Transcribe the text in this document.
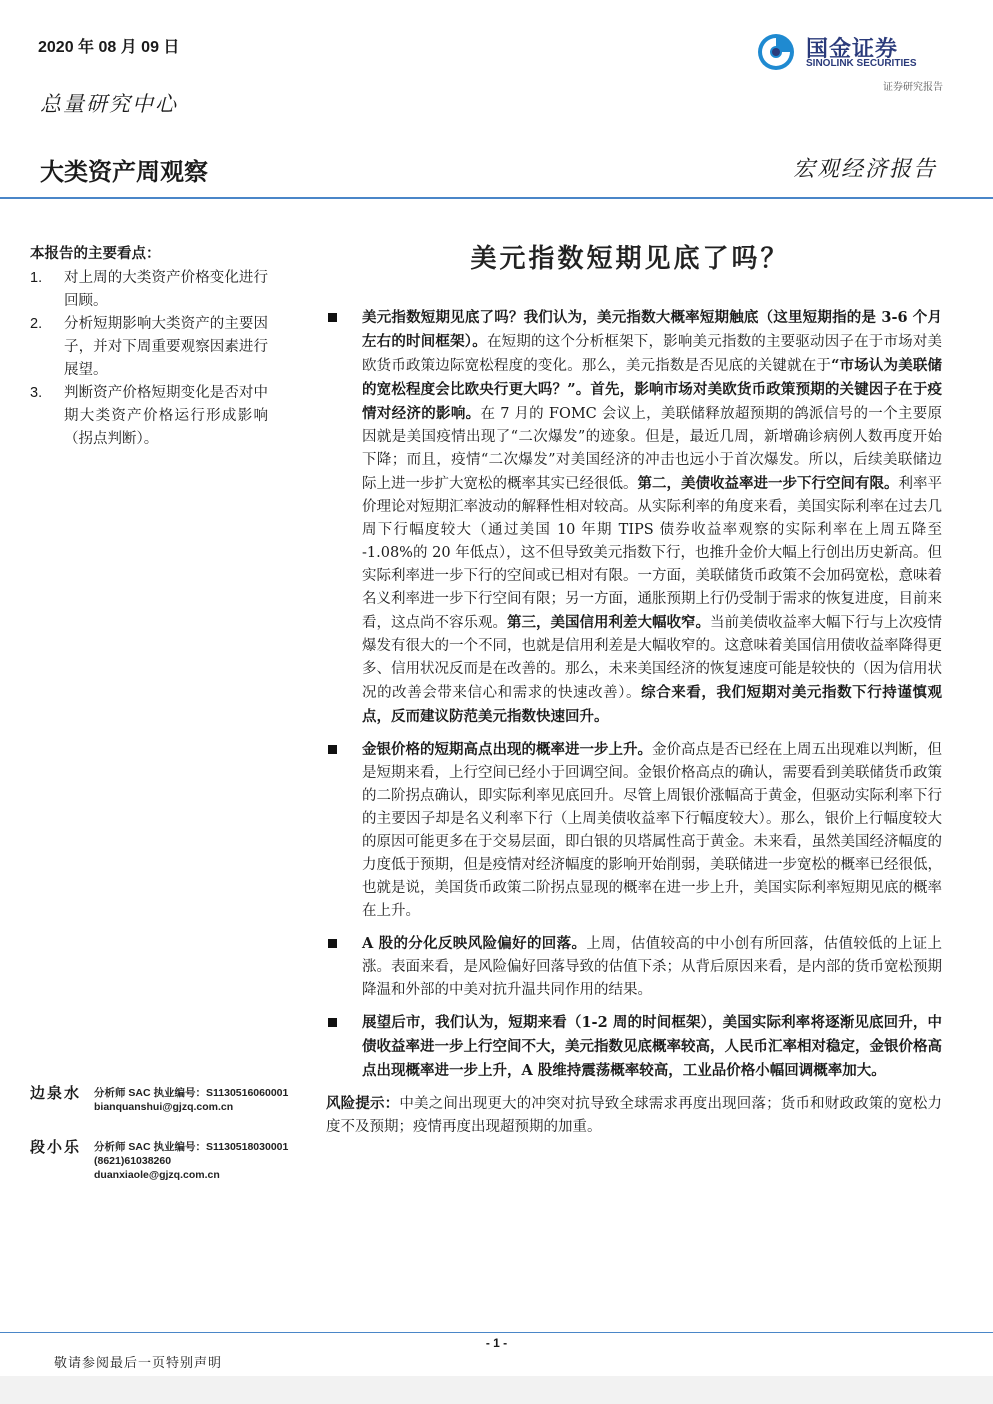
2020 年 08 月 09 日
总量研究中心
大类资产周观察	宏观经济报告
国金证券
SINOLINK SECURITIES
证券研究报告
本报告的主要看点：
1. 对上周的大类资产价格变化进行回顾。
2. 分析短期影响大类资产的主要因子，并对下周重要观察因素进行展望。
3. 判断资产价格短期变化是否对中期大类资产价格运行形成影响（拐点判断）。
边泉水 分析师 SAC 执业编号：S1130516060001
bianquanshui@gjzq.com.cn
段小乐 分析师 SAC 执业编号：S1130518030001
(8621)61038260
duanxiaole@gjzq.com.cn
美元指数短期见底了吗？
美元指数短期见底了吗？我们认为，美元指数大概率短期触底（这里短期指的是 3-6 个月左右的时间框架）。在短期的这个分析框架下，影响美元指数的主要驱动因子在于市场对美欧货币政策边际宽松程度的变化。那么，美元指数是否见底的关键就在于“市场认为美联储的宽松程度会比欧央行更大吗？”。首先，影响市场对美欧货币政策预期的关键因子在于疫情对经济的影响。在 7 月的 FOMC 会议上，美联储释放超预期的鸽派信号的一个主要原因就是美国疫情出现了“二次爆发”的迹象。但是，最近几周，新增确诊病例人数再度开始下降；而且，疫情“二次爆发”对美国经济的冲击也远小于首次爆发。所以，后续美联储边际上进一步扩大宽松的概率其实已经很低。第二，美债收益率进一步下行空间有限。利率平价理论对短期汇率波动的解释性相对较高。从实际利率的角度来看，美国实际利率在过去几周下行幅度较大（通过美国 10 年期 TIPS 债券收益率观察的实际利率在上周五降至 -1.08%的 20 年低点），这不但导致美元指数下行，也推升金价大幅上行创出历史新高。但实际利率进一步下行的空间或已相对有限。一方面，美联储货币政策不会加码宽松，意味着名义利率进一步下行空间有限；另一方面，通胀预期上行仍受制于需求的恢复进度，目前来看，这点尚不容乐观。第三，美国信用利差大幅收窄。当前美债收益率大幅下行与上次疫情爆发有很大的一个不同，也就是信用利差是大幅收窄的。这意味着美国信用债收益率降得更多、信用状况反而是在改善的。那么，未来美国经济的恢复速度可能是较快的（因为信用状况的改善会带来信心和需求的快速改善）。综合来看，我们短期对美元指数下行持谨慎观点，反而建议防范美元指数快速回升。
金银价格的短期高点出现的概率进一步上升。金价高点是否已经在上周五出现难以判断，但是短期来看，上行空间已经小于回调空间。金银价格高点的确认，需要看到美联储货币政策的二阶拐点确认，即实际利率见底回升。尽管上周银价涨幅高于黄金，但驱动实际利率下行的主要因子却是名义利率下行（上周美债收益率下行幅度较大）。那么，银价上行幅度较大的原因可能更多在于交易层面，即白银的贝塔属性高于黄金。未来看，虽然美国经济幅度的力度低于预期，但是疫情对经济幅度的影响开始削弱，美联储进一步宽松的概率已经很低，也就是说，美国货币政策二阶拐点显现的概率在进一步上升，美国实际利率短期见底的概率在上升。
A 股的分化反映风险偏好的回落。上周，估值较高的中小创有所回落，估值较低的上证上涨。表面来看，是风险偏好回落导致的估值下杀；从背后原因来看，是内部的货币宽松预期降温和外部的中美对抗升温共同作用的结果。
展望后市，我们认为，短期来看（1-2 周的时间框架），美国实际利率将逐渐见底回升，中债收益率进一步上行空间不大，美元指数见底概率较高，人民币汇率相对稳定，金银价格高点出现概率进一步上升，A 股维持震荡概率较高，工业品价格小幅回调概率加大。
风险提示：中美之间出现更大的冲突对抗导致全球需求再度出现回落；货币和财政政策的宽松力度不及预期；疫情再度出现超预期的加重。
- 1 -
敬请参阅最后一页特别声明
